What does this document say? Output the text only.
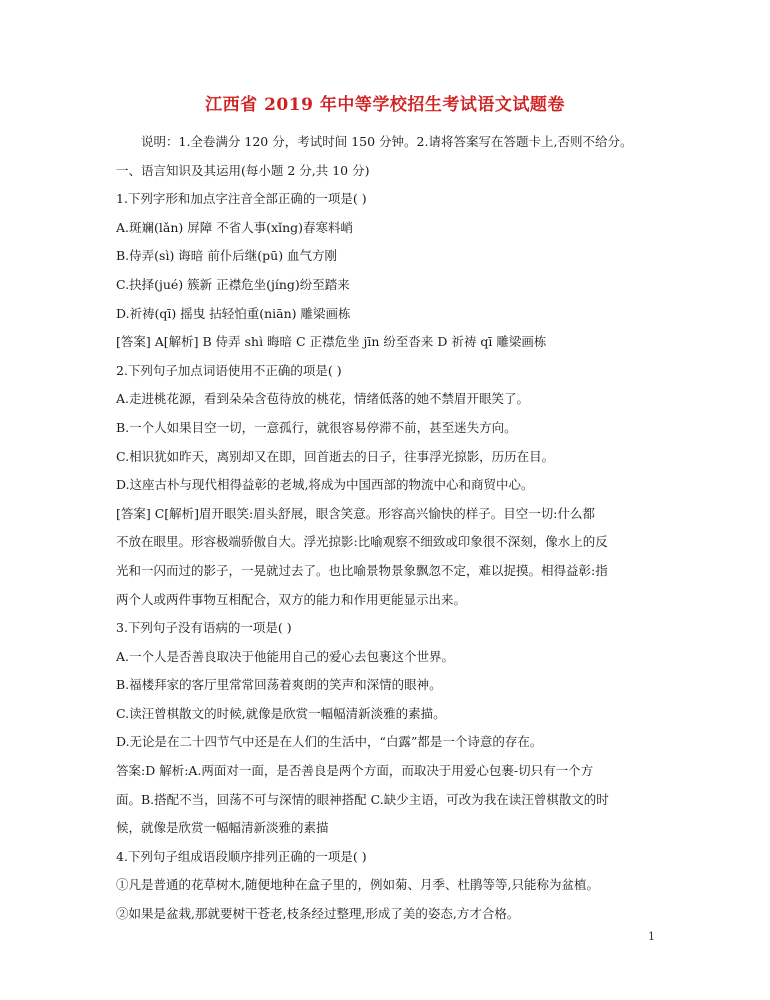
江西省 2019 年中等学校招生考试语文试题卷
说明：1.全卷满分 120 分，考试时间 150 分钟。2.请将答案写在答题卡上,否则不给分。
一、语言知识及其运用(每小题 2 分,共 10 分)
1.下列字形和加点字注音全部正确的一项是( )
A.斑斓(lǎn) 屏障 不省人事(xǐng)春寒料峭
B.侍弄(sì) 诲暗 前仆后继(pū) 血气方刚
C.抉择(jué) 簇新 正襟危坐(jíng)纷至踏来
D.祈祷(qī) 摇曳 拈轻怕重(niān) 雕梁画栋
[答案] A[解析] B 侍弄 shì 晦暗 C 正襟危坐 jīn 纷至沓来 D 祈祷 qī 雕梁画栋
2.下列句子加点词语使用不正确的项是( )
A.走进桃花源，看到朵朵含苞待放的桃花，情绪低落的她不禁眉开眼笑了。
B.一个人如果目空一切，一意孤行，就很容易停滞不前，甚至迷失方向。
C.相识犹如昨天，离别却又在即，回首逝去的日子，往事浮光掠影，历历在目。
D.这座古朴与现代相得益彰的老城,将成为中国西部的物流中心和商贸中心。
[答案] C[解析]眉开眼笑:眉头舒展，眼含笑意。形容高兴愉快的样子。目空一切:什么都
不放在眼里。形容极端骄傲自大。浮光掠影:比喻观察不细致或印象很不深刻，像水上的反
光和一闪而过的影子，一晃就过去了。也比喻景物景象飘忽不定，难以捉摸。相得益彰:指
两个人或两件事物互相配合，双方的能力和作用更能显示出来。
3.下列句子没有语病的一项是( )
A.一个人是否善良取决于他能用自己的爱心去包裹这个世界。
B.福楼拜家的客厅里常常回荡着爽朗的笑声和深情的眼神。
C.读汪曾棋散文的时候,就像是欣赏一幅幅清新淡雅的素描。
D.无论是在二十四节气中还是在人们的生活中，“白露”都是一个诗意的存在。
答案:D 解析:A.两面对一面，是否善良是两个方面，而取决于用爱心包裹-切只有一个方
面。B.搭配不当，回荡不可与深情的眼神搭配 C.缺少主语，可改为我在读汪曾棋散文的时
候，就像是欣赏一幅幅清新淡雅的素描
4.下列句子组成语段顺序排列正确的一项是( )
①凡是普通的花草树木,随便地种在盒子里的，例如菊、月季、杜鹃等等,只能称为盆植。
②如果是盆栽,那就要树干苍老,枝条经过整理,形成了美的姿态,方才合格。
1
